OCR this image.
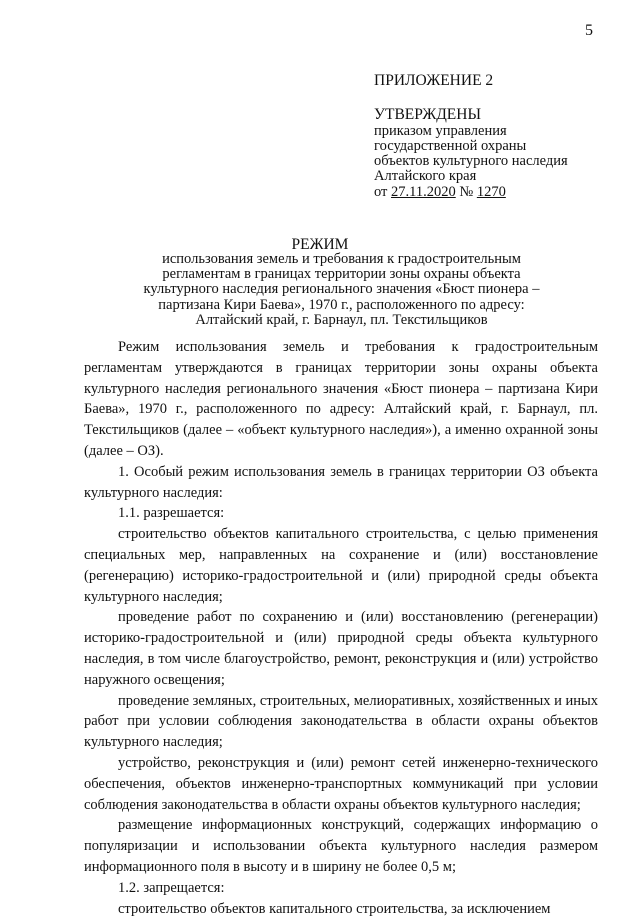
5
ПРИЛОЖЕНИЕ 2
УТВЕРЖДЕНЫ
приказом управления
государственной охраны
объектов культурного наследия
Алтайского края
от 27.11.2020 № 1270
РЕЖИМ
использования земель и требования к градостроительным регламентам в границах территории зоны охраны объекта культурного наследия регионального значения «Бюст пионера – партизана Кири Баева», 1970 г., расположенного по адресу: Алтайский край, г. Барнаул, пл. Текстильщиков

Режим использования земель и требования к градостроительным регламентам утверждаются в границах территории зоны охраны объекта культурного наследия регионального значения «Бюст пионера – партизана Кири Баева», 1970 г., расположенного по адресу: Алтайский край, г. Барнаул, пл. Текстильщиков (далее – «объект культурного наследия»), а именно охранной зоны (далее – ОЗ).

1. Особый режим использования земель в границах территории ОЗ объекта культурного наследия:

1.1. разрешается:

строительство объектов капитального строительства, с целью применения специальных мер, направленных на сохранение и (или) восстановление (регенерацию) историко-градостроительной и (или) природной среды объекта культурного наследия;

проведение работ по сохранению и (или) восстановлению (регенерации) историко-градостроительной и (или) природной среды объекта культурного наследия, в том числе благоустройство, ремонт, реконструкция и (или) устройство наружного освещения;

проведение земляных, строительных, мелиоративных, хозяйственных и иных работ при условии соблюдения законодательства в области охраны объектов культурного наследия;

устройство, реконструкция и (или) ремонт сетей инженерно-технического обеспечения, объектов инженерно-транспортных коммуникаций при условии соблюдения законодательства в области охраны объектов культурного наследия;

размещение информационных конструкций, содержащих информацию о популяризации и использовании объекта культурного наследия размером информационного поля в высоту и в ширину не более 0,5 м;

1.2. запрещается:

строительство объектов капитального строительства, за исключением
